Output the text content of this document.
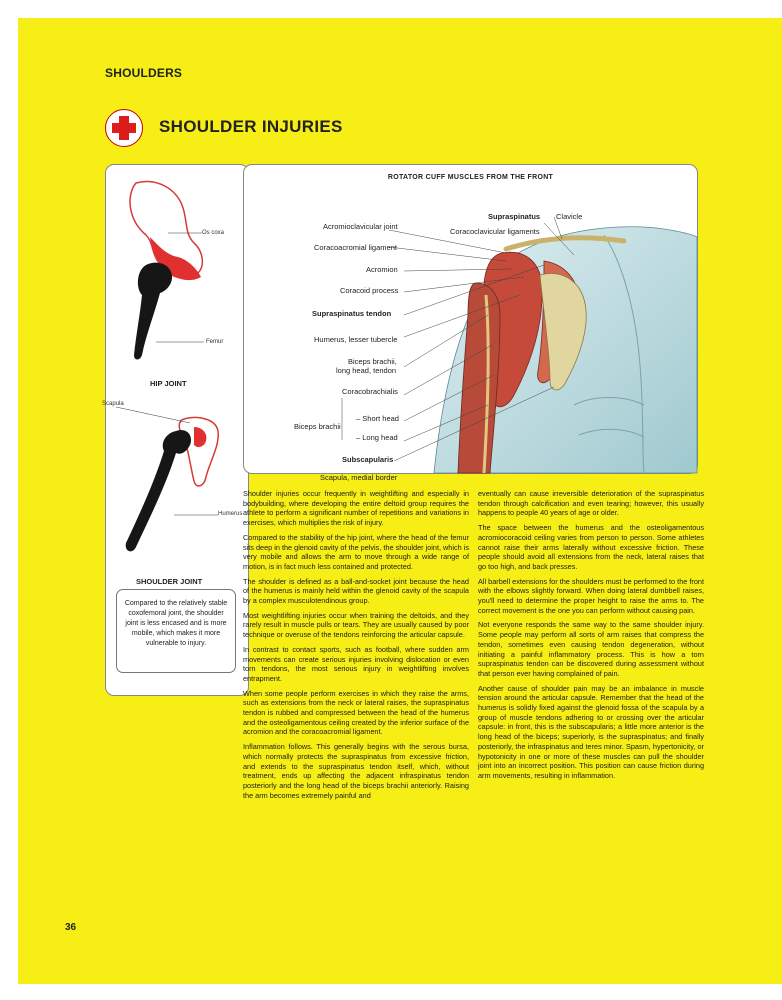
SHOULDERS
SHOULDER INJURIES
Os coxa
Femur
HIP JOINT
Scapula
Humerus
SHOULDER JOINT

Compared to the relatively stable coxofemoral joint, the shoulder joint is less encased and is more mobile, which makes it more vulnerable to injury.

ROTATOR CUFF MUSCLES FROM THE FRONT
Supraspinatus Clavicle
Coracoclavicular ligaments
Acromioclavicular joint
Coracoacromial ligament
Acromion
Coracoid process
Supraspinatus tendon
Humerus, lesser tubercle
Biceps brachii,
long head, tendon
Coracobrachialis
Biceps brachii
– Short head
– Long head
Subscapularis
Scapula, medial border

Shoulder injuries occur frequently in weightlifting and especially in bodybuilding, where developing the entire deltoid group requires the athlete to perform a significant number of repetitions and variations in exercises, which multiplies the risk of injury.

Compared to the stability of the hip joint, where the head of the femur sits deep in the glenoid cavity of the pelvis, the shoulder joint, which is very mobile and allows the arm to move through a wide range of motion, is in fact much less contained and protected.

The shoulder is defined as a ball-and-socket joint because the head of the humerus is mainly held within the glenoid cavity of the scapula by a complex musculotendinous group.

Most weightlifting injuries occur when training the deltoids, and they rarely result in muscle pulls or tears. They are usually caused by poor technique or overuse of the tendons reinforcing the articular capsule.

In contrast to contact sports, such as football, where sudden arm movements can create serious injuries involving dislocation or even torn tendons, the most serious injury in weightlifting involves entrapment.

When some people perform exercises in which they raise the arms, such as extensions from the neck or lateral raises, the supraspinatus tendon is rubbed and compressed between the head of the humerus and the osteoligamentous ceiling created by the inferior surface of the acromion and the coracoacromial ligament.

Inflammation follows. This generally begins with the serous bursa, which normally protects the supraspinatus from excessive friction, and extends to the supraspinatus tendon itself, which, without treatment, ends up affecting the adjacent infraspinatus tendon posteriorly and the long head of the biceps brachii anteriorly. Raising the arm becomes extremely painful and

eventually can cause irreversible deterioration of the supraspinatus tendon through calcification and even tearing; however, this usually happens to people 40 years of age or older.

The space between the humerus and the osteoligamentous acromiocoracoid ceiling varies from person to person. Some athletes cannot raise their arms laterally without excessive friction. These people should avoid all extensions from the neck, lateral raises that go too high, and back presses.

All barbell extensions for the shoulders must be performed to the front with the elbows slightly forward. When doing lateral dumbbell raises, you'll need to determine the proper height to raise the arms to. The correct movement is the one you can perform without causing pain.

Not everyone responds the same way to the same shoulder injury. Some people may perform all sorts of arm raises that compress the tendon, sometimes even causing tendon degeneration, without initiating a painful inflammatory process. This is how a torn supraspinatus tendon can be discovered during assessment without that person ever having complained of pain.

Another cause of shoulder pain may be an imbalance in muscle tension around the articular capsule. Remember that the head of the humerus is solidly fixed against the glenoid fossa of the scapula by a group of muscle tendons adhering to or crossing over the articular capsule: in front, this is the subscapularis; a little more anterior is the long head of the biceps; superiorly, is the supraspinatus; and finally posteriorly, the infraspinatus and teres minor. Spasm, hypertonicity, or hypotonicity in one or more of these muscles can pull the shoulder joint into an incorrect position. This position can cause friction during arm movements, resulting in inflammation.

36
